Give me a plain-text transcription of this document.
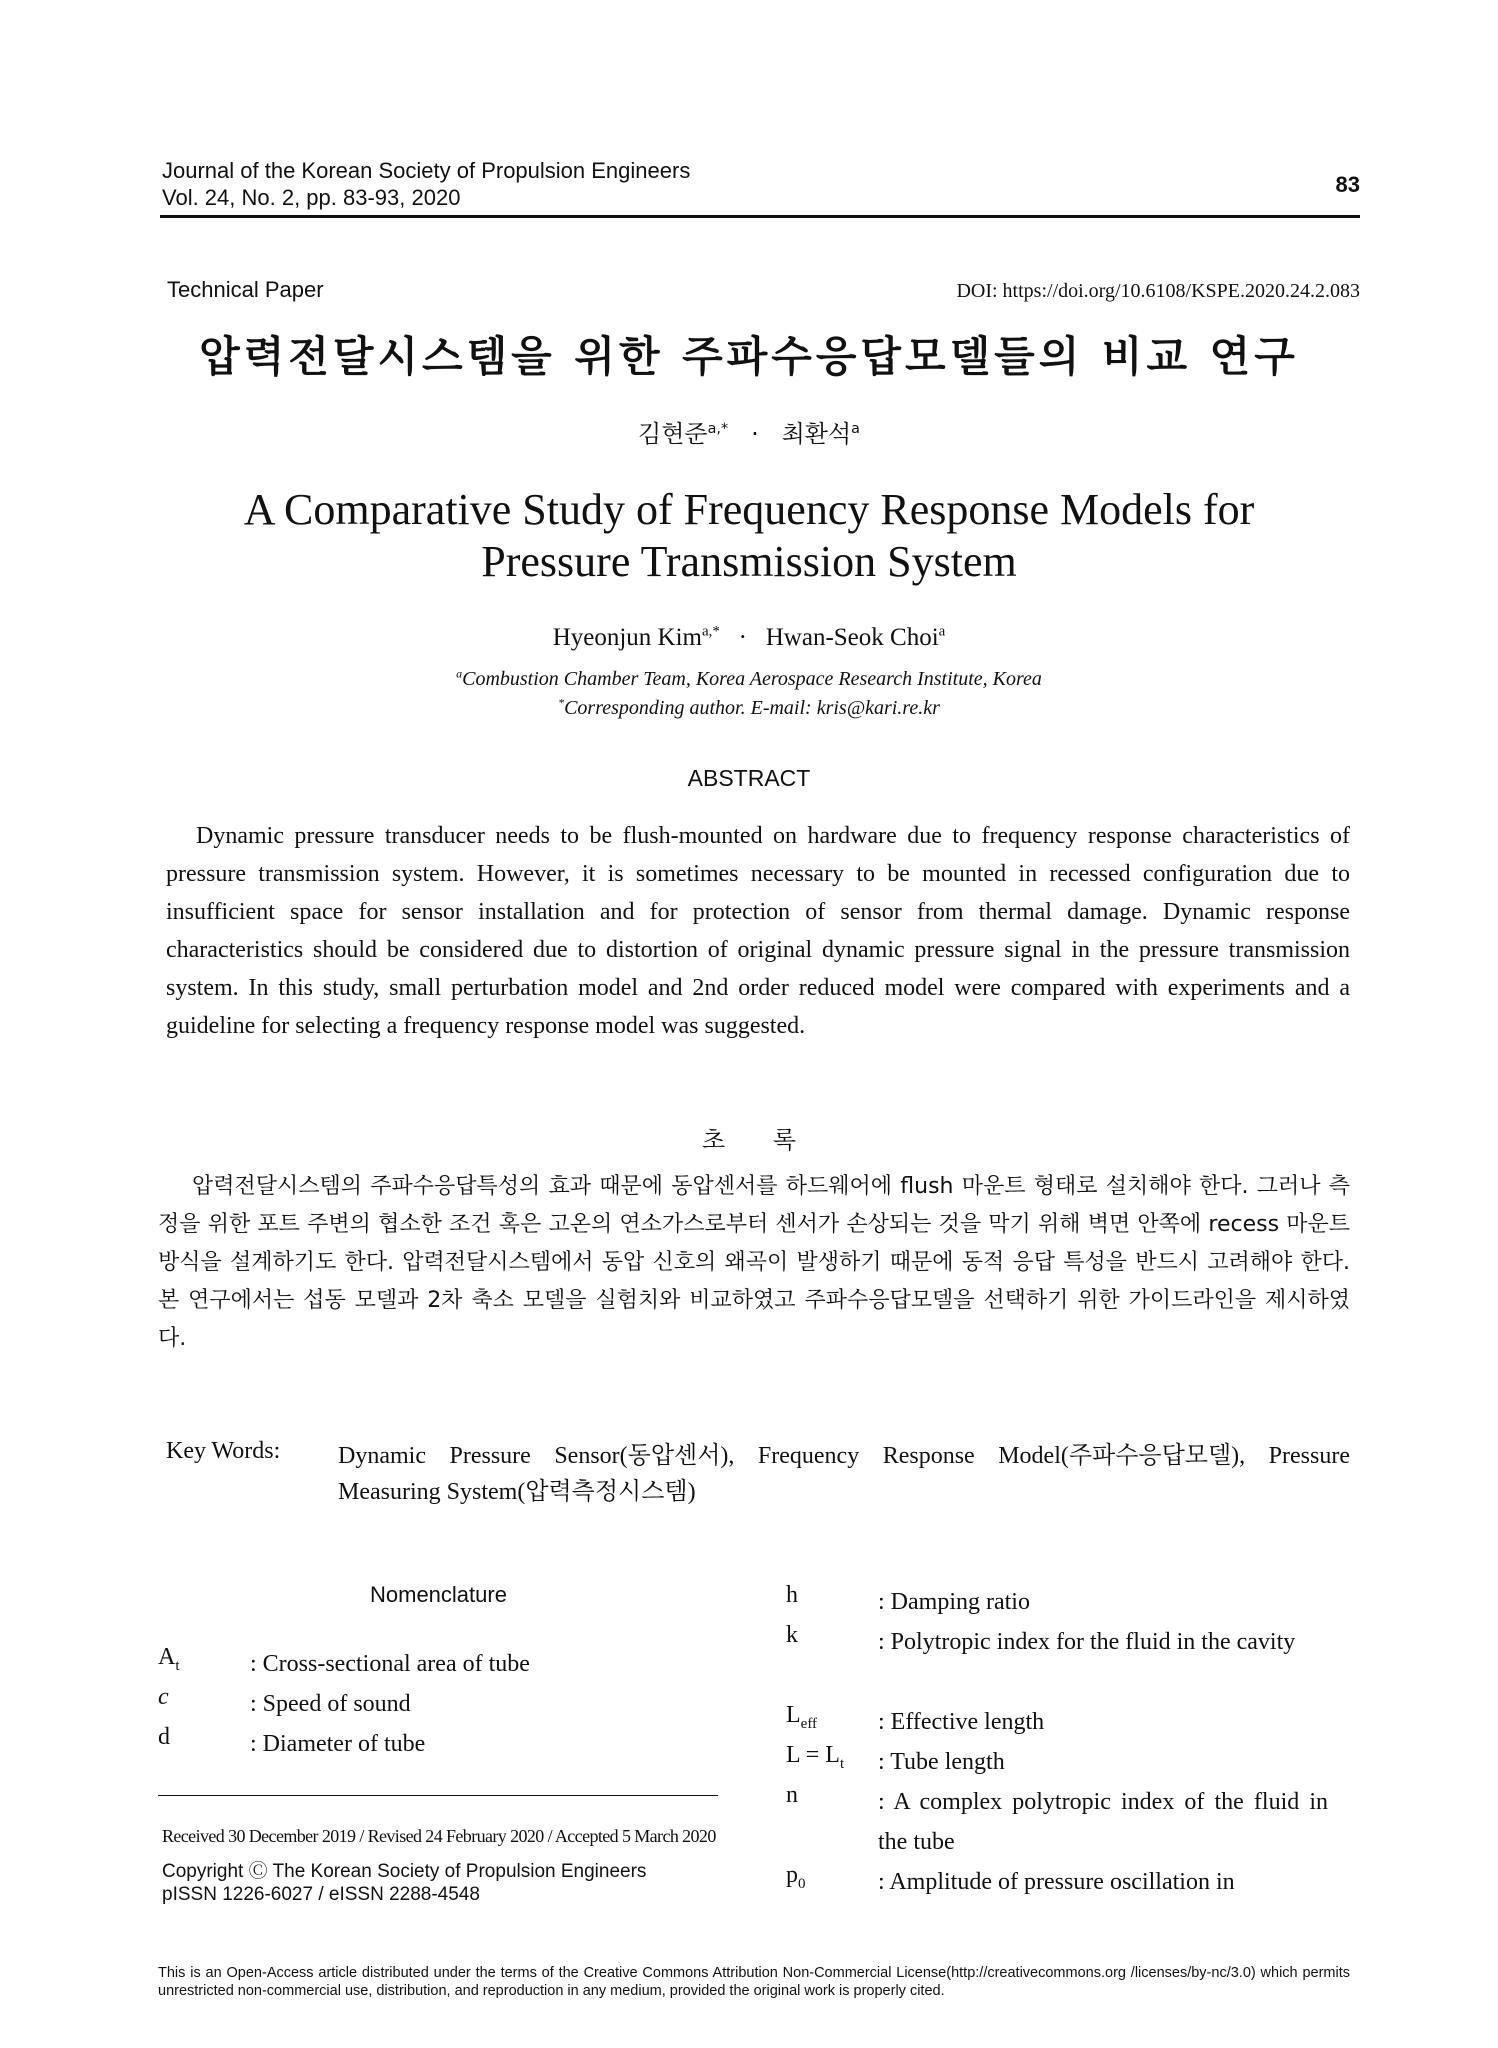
Journal of the Korean Society of Propulsion Engineers
Vol. 24, No. 2, pp. 83-93, 2020
83
Technical Paper	DOI: https://doi.org/10.6108/KSPE.2020.24.2.083
압력전달시스템을 위한 주파수응답모델들의 비교 연구
김현준$^{a,*}$ · 최환석$^a$
A Comparative Study of Frequency Response Models for
Pressure Transmission System
Hyeonjun Kim$^{a,*}$ · Hwan-Seok Choi$^a$
$^a$Combustion Chamber Team, Korea Aerospace Research Institute, Korea
*Corresponding author. E-mail: kris@kari.re.kr
ABSTRACT
Dynamic pressure transducer needs to be flush-mounted on hardware due to frequency response characteristics of pressure transmission system. However, it is sometimes necessary to be mounted in recessed configuration due to insufficient space for sensor installation and for protection of sensor from thermal damage. Dynamic response characteristics should be considered due to distortion of original dynamic pressure signal in the pressure transmission system. In this study, small perturbation model and 2nd order reduced model were compared with experiments and a guideline for selecting a frequency response model was suggested.
초 록
압력전달시스템의 주파수응답특성의 효과 때문에 동압센서를 하드웨어에 flush 마운트 형태로 설치해야 한다. 그러나 측정을 위한 포트 주변의 협소한 조건 혹은 고온의 연소가스로부터 센서가 손상되는 것을 막기 위해 벽면 안쪽에 recess 마운트 방식을 설계하기도 한다. 압력전달시스템에서 동압 신호의 왜곡이 발생하기 때문에 동적 응답 특성을 반드시 고려해야 한다. 본 연구에서는 섭동 모델과 2차 축소 모델을 실험치와 비교하였고 주파수응답모델을 선택하기 위한 가이드라인을 제시하였다.
Key Words: Dynamic Pressure Sensor(동압센서), Frequency Response Model(주파수응답모델), Pressure Measuring System(압력측정시스템)
Nomenclature
$A_t$	: Cross-sectional area of tube
c	: Speed of sound
d	: Diameter of tube
h	: Damping ratio
k	: Polytropic index for the fluid in the cavity
$L_{eff}$	: Effective length
$L = L_t$ : Tube length
n	: A complex polytropic index of the fluid in the tube
$p_0$	: Amplitude of pressure oscillation in
Received 30 December 2019 / Revised 24 February 2020 / Accepted 5 March 2020
Copyright Ⓒ The Korean Society of Propulsion Engineers
pISSN 1226-6027 / eISSN 2288-4548
This is an Open-Access article distributed under the terms of the Creative Commons Attribution Non-Commercial License(http://creativecommons.org /licenses/by-nc/3.0) which permits unrestricted non-commercial use, distribution, and reproduction in any medium, provided the original work is properly cited.
